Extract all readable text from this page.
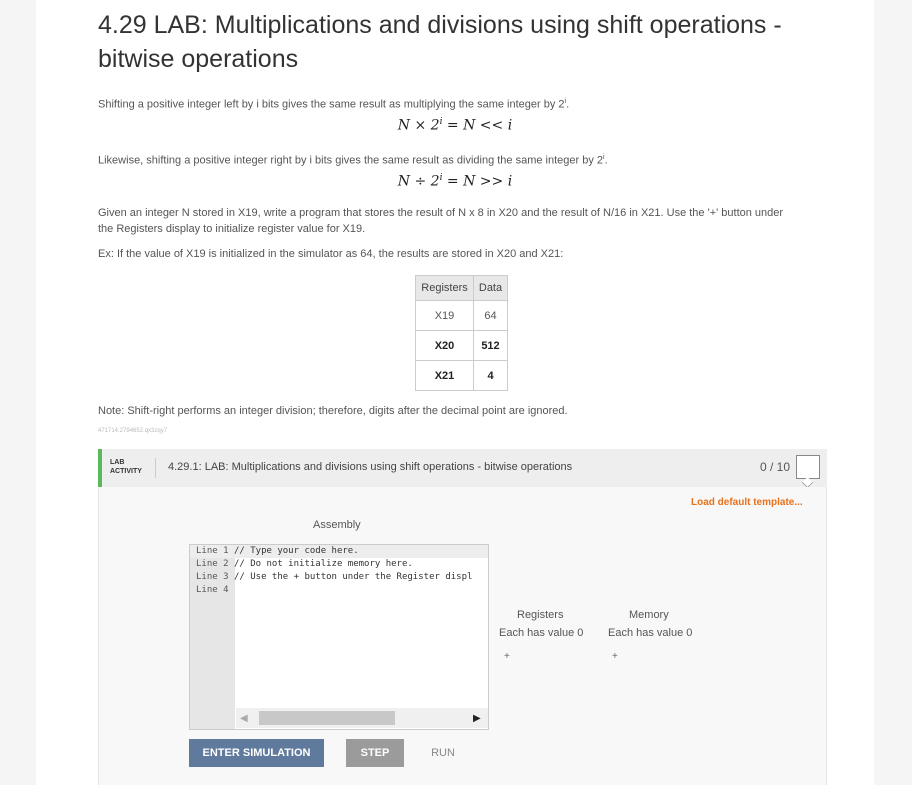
4.29 LAB: Multiplications and divisions using shift operations - bitwise operations
Shifting a positive integer left by i bits gives the same result as multiplying the same integer by 2$^i$.
$N \times 2^i = N << i$
Likewise, shifting a positive integer right by i bits gives the same result as dividing the same integer by 2$^i$.
$N \div 2^i = N >> i$
Given an integer N stored in X19, write a program that stores the result of N x 8 in X20 and the result of N/16 in X21. Use the '+' button under the Registers display to initialize register value for X19.
Ex: If the value of X19 is initialized in the simulator as 64, the results are stored in X20 and X21:
Registers	Data
X19	64
X20	512
X21	4
Note: Shift-right performs an integer division; therefore, digits after the decimal point are ignored.
471714.2794652.qx3zqy7
LAB
ACTIVITY 4.29.1: LAB: Multiplications and divisions using shift operations - bitwise operations	0 / 10
Load default template...
Assembly
Line 1 // Type your code here.
Line 2 // Do not initialize memory here.
Line 3 // Use the + button under the Register displ
Line 4
◀	▶
Registers
Each has value 0
+
Memory
Each has value 0
+
ENTER SIMULATION	STEP	RUN
